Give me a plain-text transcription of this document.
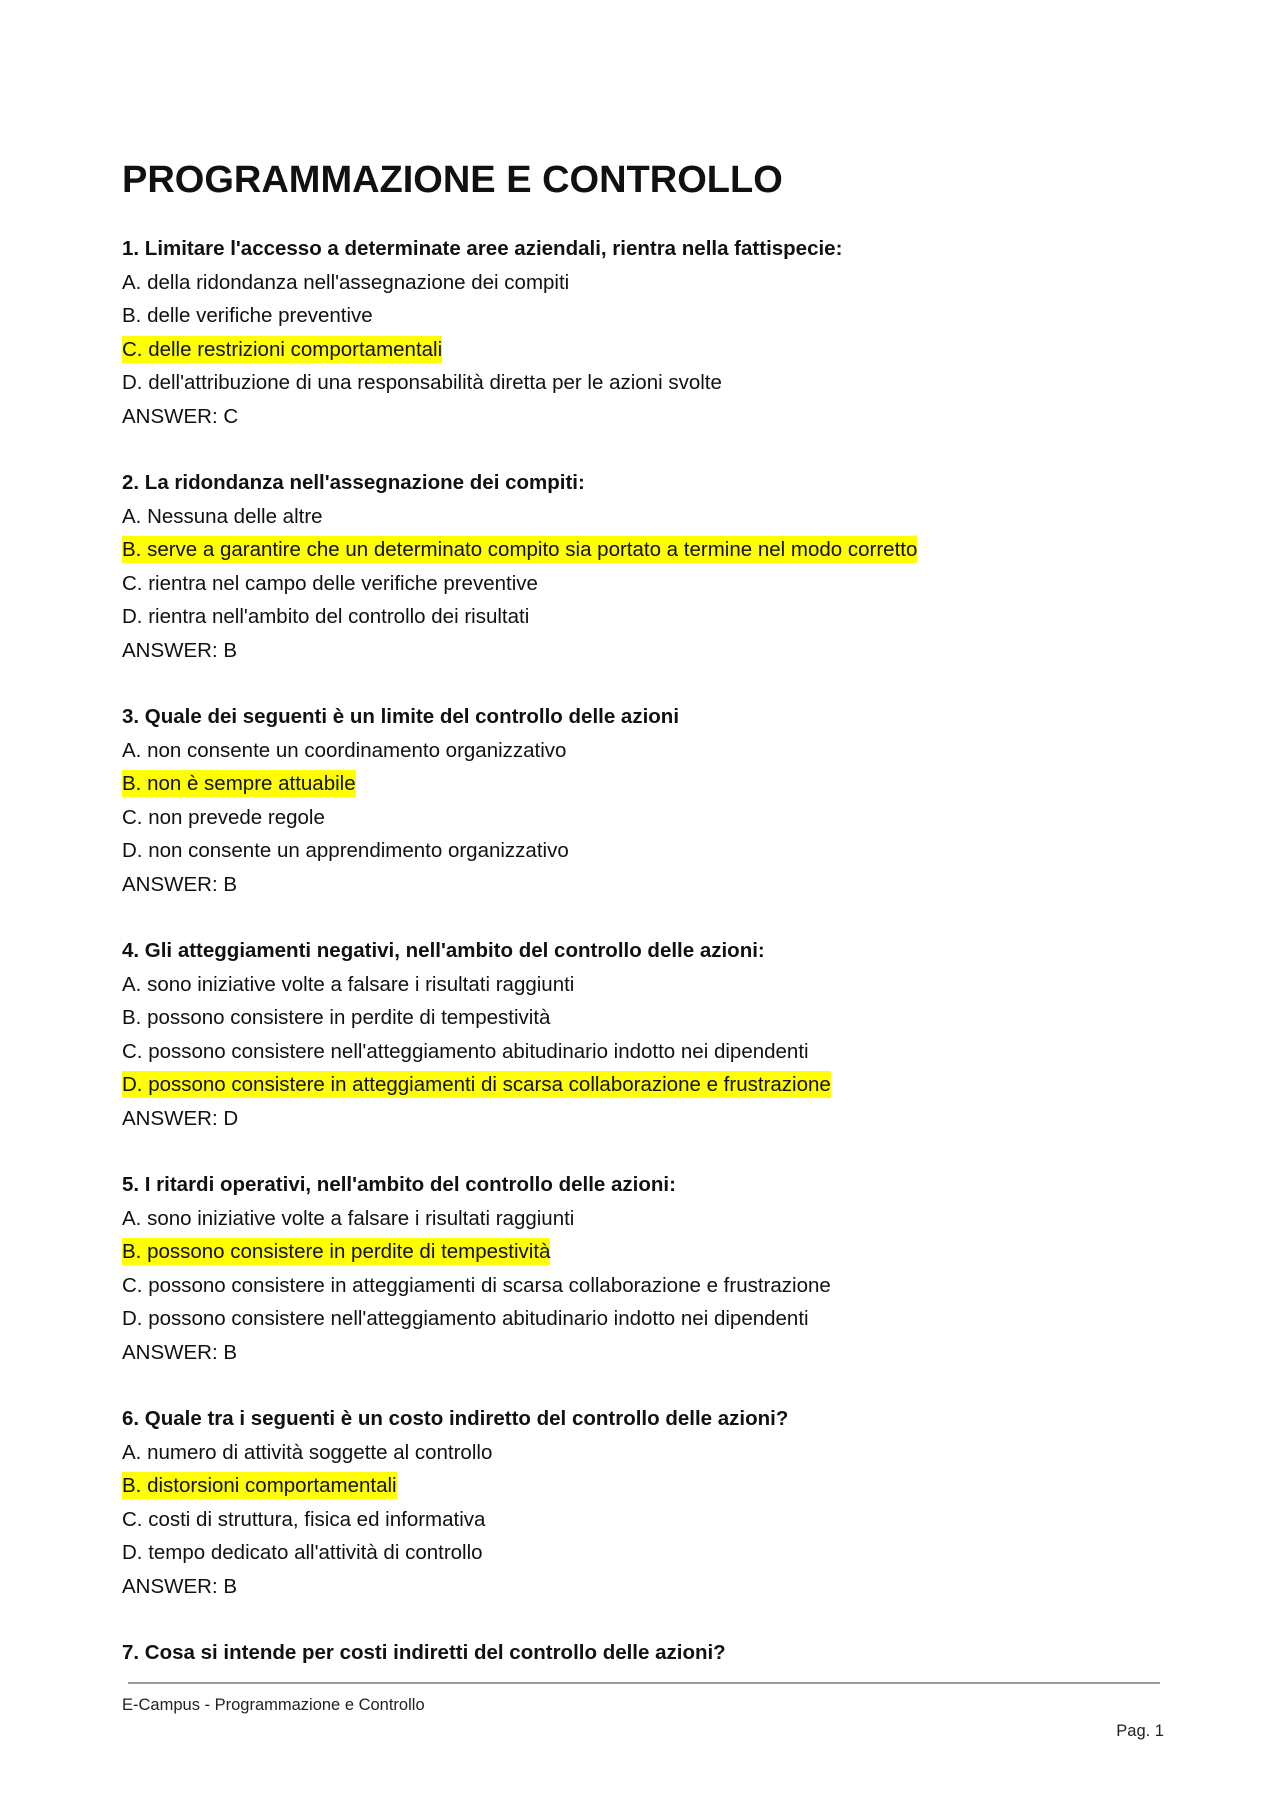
PROGRAMMAZIONE E CONTROLLO
1. Limitare l'accesso a determinate aree aziendali, rientra nella fattispecie:
A. della ridondanza nell'assegnazione dei compiti
B. delle verifiche preventive
C. delle restrizioni comportamentali
D. dell'attribuzione di una responsabilità diretta per le azioni svolte
ANSWER: C
2. La ridondanza nell'assegnazione dei compiti:
A. Nessuna delle altre
B. serve a garantire che un determinato compito sia portato a termine nel modo corretto
C. rientra nel campo delle verifiche preventive
D. rientra nell'ambito del controllo dei risultati
ANSWER: B
3. Quale dei seguenti è un limite del controllo delle azioni
A. non consente un coordinamento organizzativo
B. non è sempre attuabile
C. non prevede regole
D. non consente un apprendimento organizzativo
ANSWER: B
4. Gli atteggiamenti negativi, nell'ambito del controllo delle azioni:
A. sono iniziative volte a falsare i risultati raggiunti
B. possono consistere in perdite di tempestività
C. possono consistere nell'atteggiamento abitudinario indotto nei dipendenti
D. possono consistere in atteggiamenti di scarsa collaborazione e frustrazione
ANSWER: D
5. I ritardi operativi, nell'ambito del controllo delle azioni:
A. sono iniziative volte a falsare i risultati raggiunti
B. possono consistere in perdite di tempestività
C. possono consistere in atteggiamenti di scarsa collaborazione e frustrazione
D. possono consistere nell'atteggiamento abitudinario indotto nei dipendenti
ANSWER: B
6. Quale tra i seguenti è un costo indiretto del controllo delle azioni?
A. numero di attività soggette al controllo
B. distorsioni comportamentali
C. costi di struttura, fisica ed informativa
D. tempo dedicato all'attività di controllo
ANSWER: B
7. Cosa si intende per costi indiretti del controllo delle azioni?
E-Campus - Programmazione e Controllo
Pag. 1
